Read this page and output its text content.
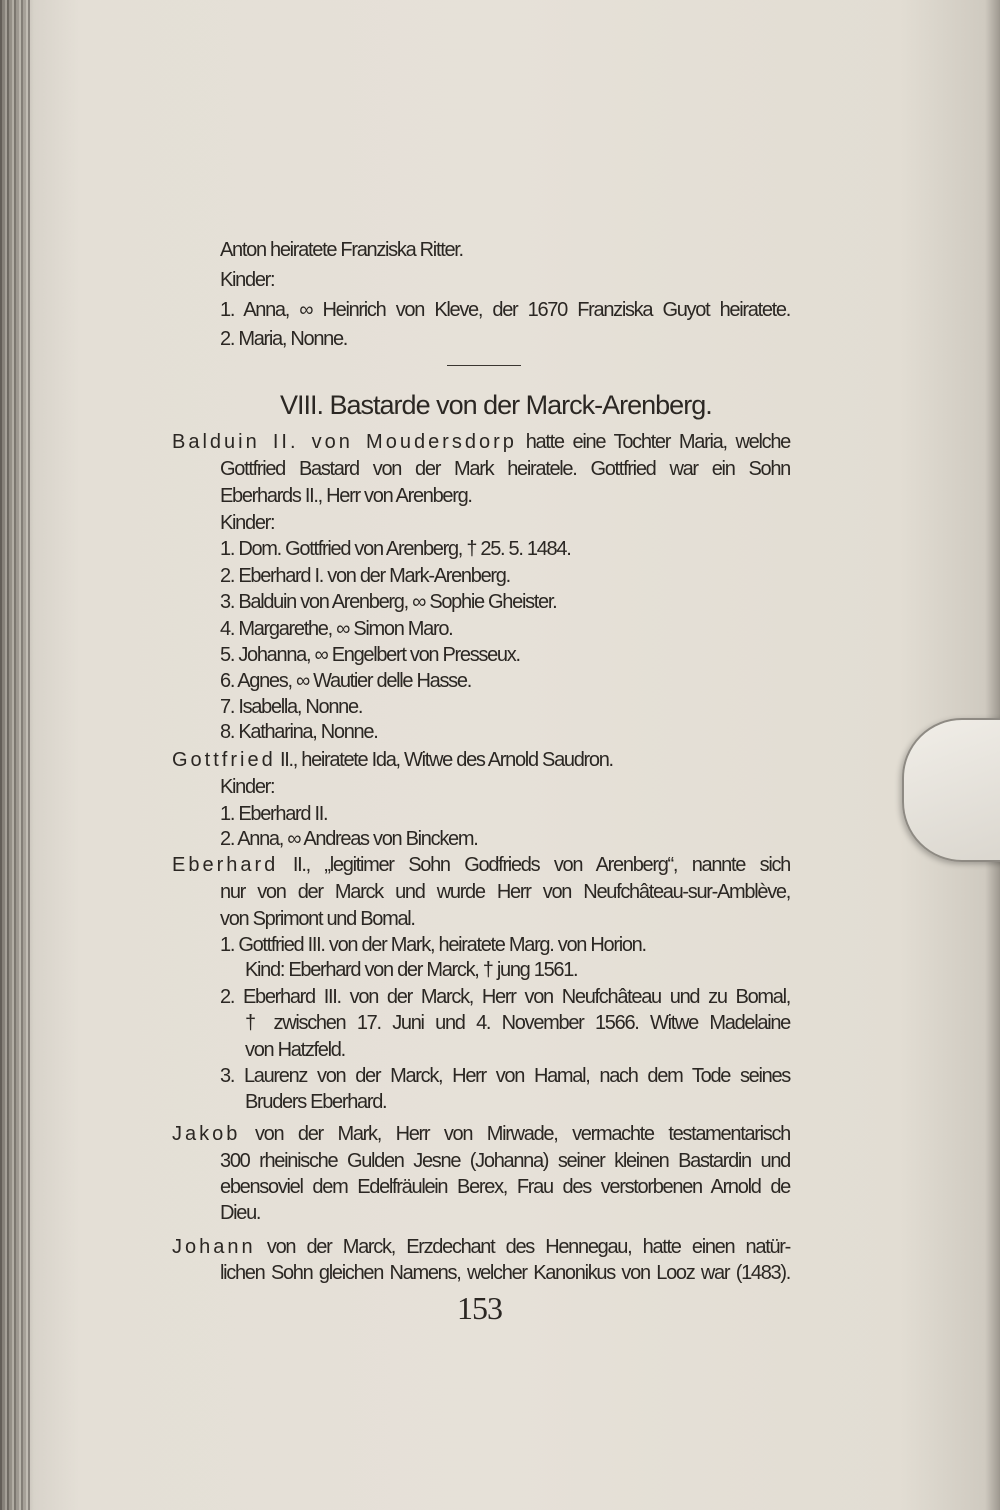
Anton heiratete Franziska Ritter.
Kinder:
1. Anna, ∞ Heinrich von Kleve, der 1670 Franziska Guyot heiratete.
2. Maria, Nonne.
VIII. Bastarde von der Marck-Arenberg.
Balduin II. von Moudersdorp hatte eine Tochter Maria, welche
Gottfried Bastard von der Mark heiratele. Gottfried war ein Sohn
Eberhards II., Herr von Arenberg.
Kinder:
1. Dom. Gottfried von Arenberg, † 25. 5. 1484.
2. Eberhard I. von der Mark-Arenberg.
3. Balduin von Arenberg, ∞ Sophie Gheister.
4. Margarethe, ∞ Simon Maro.
5. Johanna, ∞ Engelbert von Presseux.
6. Agnes, ∞ Wautier delle Hasse.
7. Isabella, Nonne.
8. Katharina, Nonne.
Gottfried II., heiratete Ida, Witwe des Arnold Saudron.
Kinder:
1. Eberhard II.
2. Anna, ∞ Andreas von Binckem.
Eberhard II., „legitimer Sohn Godfrieds von Arenberg“, nannte sich
nur von der Marck und wurde Herr von Neufchâteau-sur-Amblève,
von Sprimont und Bomal.
1. Gottfried III. von der Mark, heiratete Marg. von Horion.
Kind: Eberhard von der Marck, † jung 1561.
2. Eberhard III. von der Marck, Herr von Neufchâteau und zu Bomal,
† zwischen 17. Juni und 4. November 1566. Witwe Madelaine
von Hatzfeld.
3. Laurenz von der Marck, Herr von Hamal, nach dem Tode seines
Bruders Eberhard.
Jakob von der Mark, Herr von Mirwade, vermachte testamentarisch
300 rheinische Gulden Jesne (Johanna) seiner kleinen Bastardin und
ebensoviel dem Edelfräulein Berex, Frau des verstorbenen Arnold de
Dieu.
Johann von der Marck, Erzdechant des Hennegau, hatte einen natür-
lichen Sohn gleichen Namens, welcher Kanonikus von Looz war (1483).
153
